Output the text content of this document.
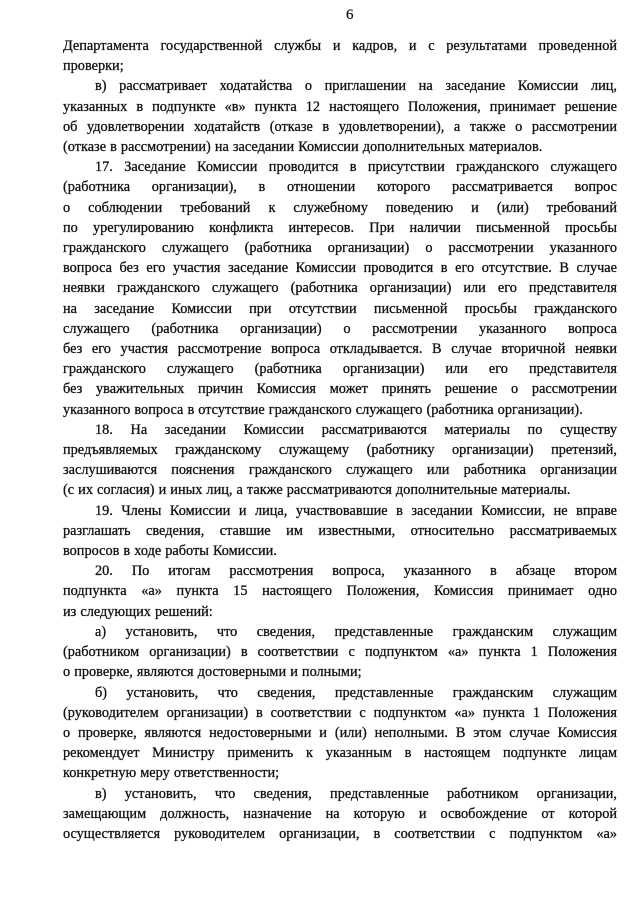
6
Департамента государственной службы и кадров, и с результатами проведенной
проверки;
в) рассматривает ходатайства о приглашении на заседание Комиссии лиц,
указанных в подпункте «в» пункта 12 настоящего Положения, принимает решение
об удовлетворении ходатайств (отказе в удовлетворении), а также о рассмотрении
(отказе в рассмотрении) на заседании Комиссии дополнительных материалов.
17. Заседание Комиссии проводится в присутствии гражданского служащего
(работника организации), в отношении которого рассматривается вопрос
о соблюдении требований к служебному поведению и (или) требований
по урегулированию конфликта интересов. При наличии письменной просьбы
гражданского служащего (работника организации) о рассмотрении указанного
вопроса без его участия заседание Комиссии проводится в его отсутствие. В случае
неявки гражданского служащего (работника организации) или его представителя
на заседание Комиссии при отсутствии письменной просьбы гражданского
служащего (работника организации) о рассмотрении указанного вопроса
без его участия рассмотрение вопроса откладывается. В случае вторичной неявки
гражданского служащего (работника организации) или его представителя
без уважительных причин Комиссия может принять решение о рассмотрении
указанного вопроса в отсутствие гражданского служащего (работника организации).
18. На заседании Комиссии рассматриваются материалы по существу
предъявляемых гражданскому служащему (работнику организации) претензий,
заслушиваются пояснения гражданского служащего или работника организации
(с их согласия) и иных лиц, а также рассматриваются дополнительные материалы.
19. Члены Комиссии и лица, участвовавшие в заседании Комиссии, не вправе
разглашать сведения, ставшие им известными, относительно рассматриваемых
вопросов в ходе работы Комиссии.
20. По итогам рассмотрения вопроса, указанного в абзаце втором
подпункта «а» пункта 15 настоящего Положения, Комиссия принимает одно
из следующих решений:
а) установить, что сведения, представленные гражданским служащим
(работником организации) в соответствии с подпунктом «а» пункта 1 Положения
о проверке, являются достоверными и полными;
б) установить, что сведения, представленные гражданским служащим
(руководителем организации) в соответствии с подпунктом «а» пункта 1 Положения
о проверке, являются недостоверными и (или) неполными. В этом случае Комиссия
рекомендует Министру применить к указанным в настоящем подпункте лицам
конкретную меру ответственности;
в) установить, что сведения, представленные работником организации,
замещающим должность, назначение на которую и освобождение от которой
осуществляется руководителем организации, в соответствии с подпунктом «а»
